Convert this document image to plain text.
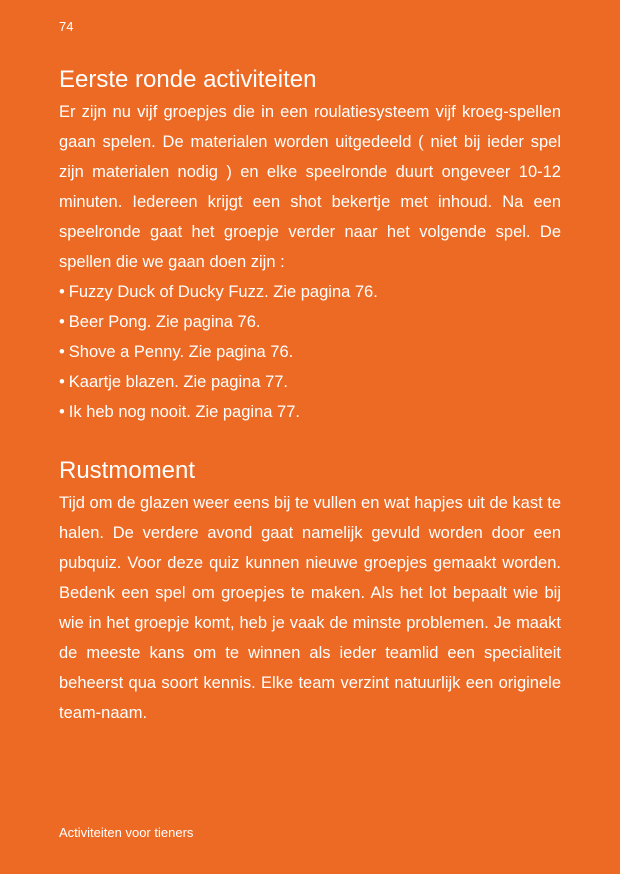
74
Eerste ronde activiteiten

Er zijn nu vijf groepjes die in een roulatiesysteem vijf kroeg-spellen gaan spelen. De materialen worden uitgedeeld ( niet bij ieder spel zijn materialen nodig ) en elke speelronde duurt ongeveer 10-12 minuten. Iedereen krijgt een shot bekertje met inhoud. Na een speelronde gaat het groepje verder naar het volgende spel. De spellen die we gaan doen zijn :

• Fuzzy Duck of Ducky Fuzz. Zie pagina 76.
• Beer Pong. Zie pagina 76.
• Shove a Penny. Zie pagina 76.
• Kaartje blazen. Zie pagina 77.
• Ik heb nog nooit. Zie pagina 77.
Rustmoment

Tijd om de glazen weer eens bij te vullen en wat hapjes uit de kast te halen. De verdere avond gaat namelijk gevuld worden door een pubquiz. Voor deze quiz kunnen nieuwe groepjes gemaakt worden. Bedenk een spel om groepjes te maken. Als het lot bepaalt wie bij wie in het groepje komt, heb je vaak de minste problemen. Je maakt de meeste kans om te winnen als ieder teamlid een specialiteit beheerst qua soort kennis. Elke team verzint natuurlijk een originele team-naam.

Activiteiten voor tieners
